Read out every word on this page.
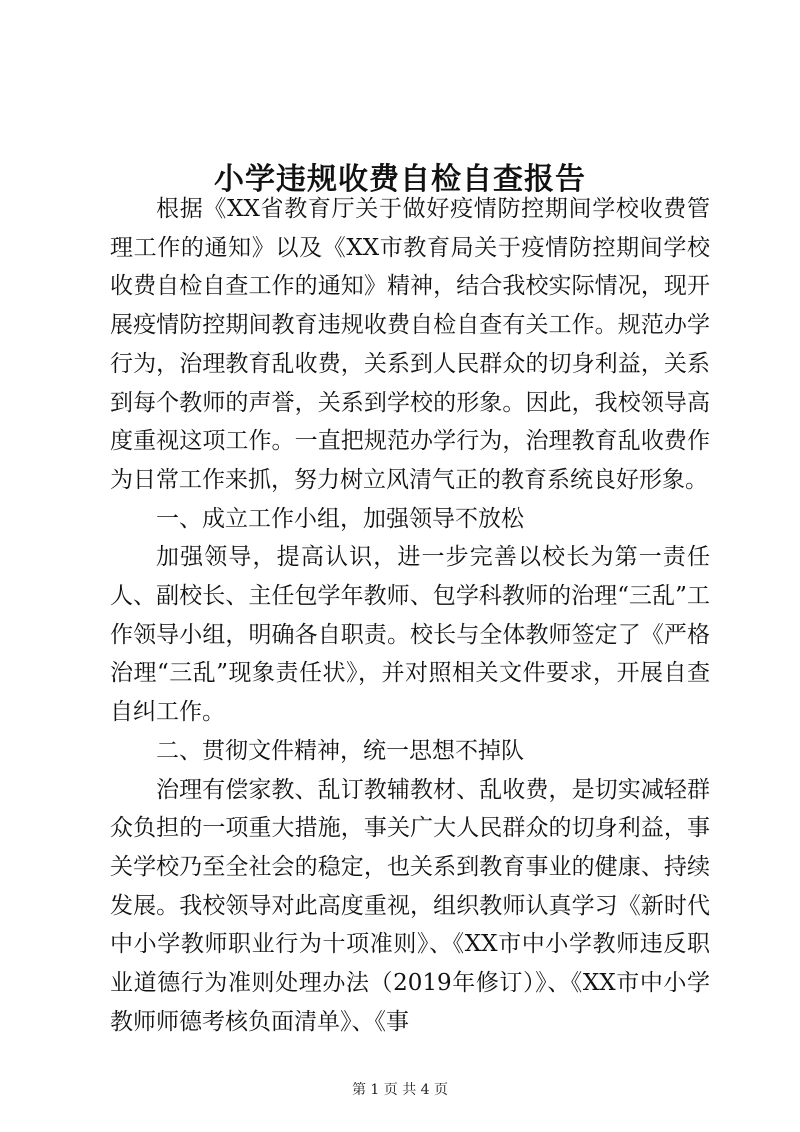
小学违规收费自检自查报告

根据《XX省教育厅关于做好疫情防控期间学校收费管理工作的通知》以及《XX市教育局关于疫情防控期间学校收费自检自查工作的通知》精神，结合我校实际情况，现开展疫情防控期间教育违规收费自检自查有关工作。规范办学行为，治理教育乱收费，关系到人民群众的切身利益，关系到每个教师的声誉，关系到学校的形象。因此，我校领导高度重视这项工作。一直把规范办学行为，治理教育乱收费作为日常工作来抓，努力树立风清气正的教育系统良好形象。

一、成立工作小组，加强领导不放松

加强领导，提高认识，进一步完善以校长为第一责任人、副校长、主任包学年教师、包学科教师的治理“三乱”工作领导小组，明确各自职责。校长与全体教师签定了《严格治理“三乱”现象责任状》，并对照相关文件要求，开展自查自纠工作。

二、贯彻文件精神，统一思想不掉队

治理有偿家教、乱订教辅教材、乱收费，是切实减轻群众负担的一项重大措施，事关广大人民群众的切身利益，事关学校乃至全社会的稳定，也关系到教育事业的健康、持续发展。我校领导对此高度重视，组织教师认真学习《新时代中小学教师职业行为十项准则》、《XX市中小学教师违反职业道德行为准则处理办法（2019年修订）》、《XX市中小学教师师德考核负面清单》、《事

第 1 页 共 4 页
